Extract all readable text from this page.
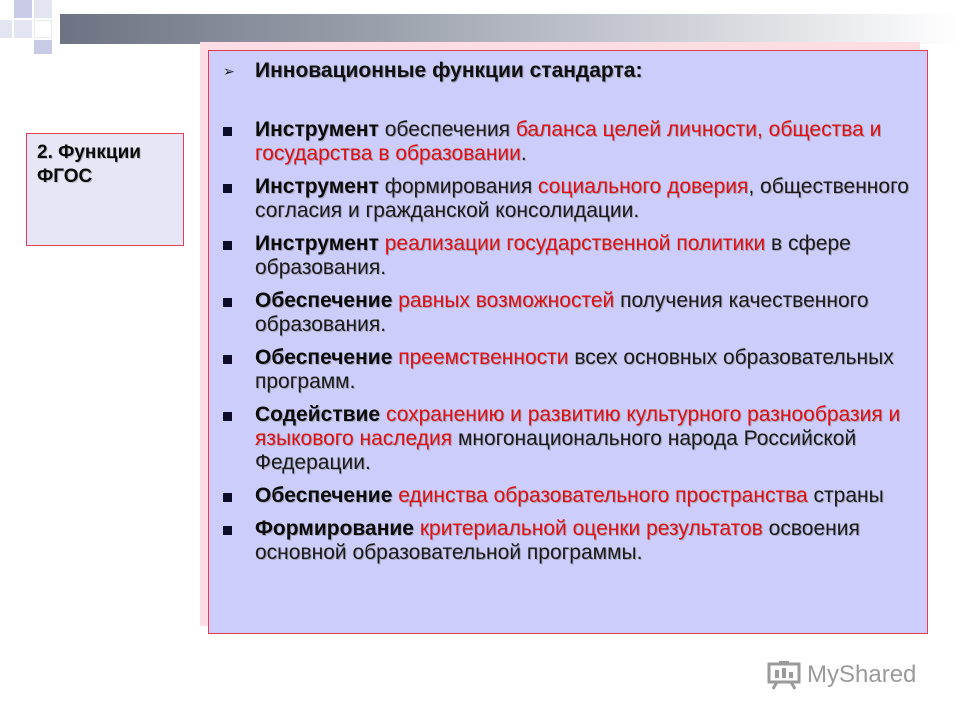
2. Функции ФГОС
➢ Инновационные функции стандарта:
Инструмент обеспечения баланса целей личности, общества и государства в образовании.
Инструмент формирования социального доверия, общественного согласия и гражданской консолидации.
Инструмент реализации государственной политики в сфере образования.
Обеспечение равных возможностей получения качественного образования.
Обеспечение преемственности всех основных образовательных программ.
Содействие сохранению и развитию культурного разнообразия и языкового наследия многонационального народа Российской Федерации.
Обеспечение единства образовательного пространства страны
Формирование критериальной оценки результатов освоения основной образовательной программы.
MyShared
